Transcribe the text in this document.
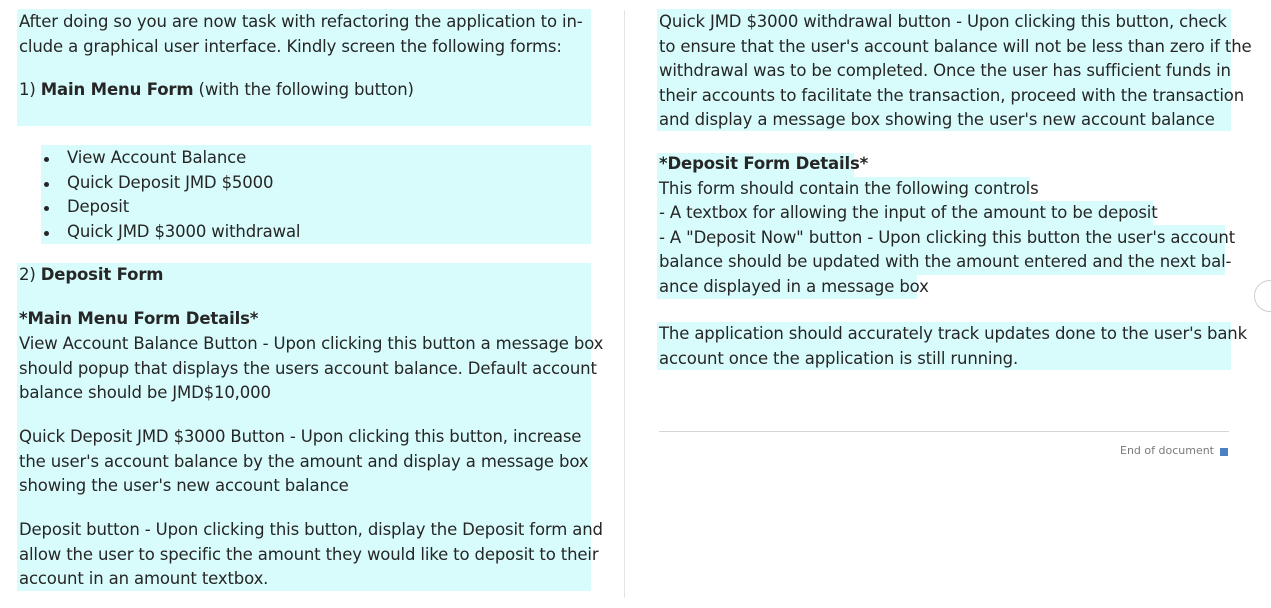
After doing so you are now task with refactoring the application to in-
clude a graphical user interface. Kindly screen the following forms:
1) Main Menu Form (with the following button)
View Account Balance
Quick Deposit JMD $5000
Deposit
Quick JMD $3000 withdrawal
2) Deposit Form
*Main Menu Form Details*
View Account Balance Button - Upon clicking this button a message box
should popup that displays the users account balance. Default account
balance should be JMD$10,000
Quick Deposit JMD $3000 Button - Upon clicking this button, increase
the user's account balance by the amount and display a message box
showing the user's new account balance
Deposit button - Upon clicking this button, display the Deposit form and
allow the user to specific the amount they would like to deposit to their
account in an amount textbox.
Quick JMD $3000 withdrawal button - Upon clicking this button, check
to ensure that the user's account balance will not be less than zero if the
withdrawal was to be completed. Once the user has sufficient funds in
their accounts to facilitate the transaction, proceed with the transaction
and display a message box showing the user's new account balance
*Deposit Form Details*
This form should contain the following controls
- A textbox for allowing the input of the amount to be deposit
- A "Deposit Now" button - Upon clicking this button the user's account
balance should be updated with the amount entered and the next bal-
ance displayed in a message box
The application should accurately track updates done to the user's bank
account once the application is still running.
End of document
